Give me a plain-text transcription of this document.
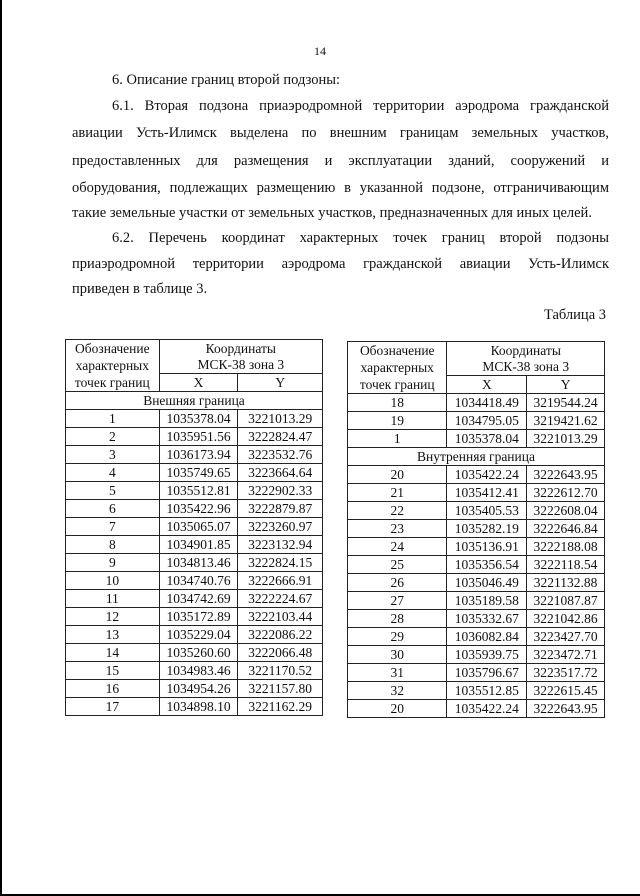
14
6. Описание границ второй подзоны:
6.1. Вторая подзона приаэродромной территории аэродрома гражданской
авиации Усть-Илимск выделена по внешним границам земельных участков,
предоставленных для размещения и эксплуатации зданий, сооружений и
оборудования, подлежащих размещению в указанной подзоне, отграничивающим
такие земельные участки от земельных участков, предназначенных для иных целей.
6.2. Перечень координат характерных точек границ второй подзоны
приаэродромной территории аэродрома гражданской авиации Усть-Илимск
приведен в таблице 3.
Таблица 3
Обозначение
характерных
точек границ	Координаты
МСК-38 зона 3	

	X	Y
Внешняя граница		
1	1035378.04	3221013.29
2	1035951.56	3222824.47
3	1036173.94	3223532.76
4	1035749.65	3223664.64
5	1035512.81	3222902.33
6	1035422.96	3222879.87
7	1035065.07	3223260.97
8	1034901.85	3223132.94
9	1034813.46	3222824.15
10	1034740.76	3222666.91
11	1034742.69	3222224.67
12	1035172.89	3222103.44
13	1035229.04	3222086.22
14	1035260.60	3222066.48
15	1034983.46	3221170.52
16	1034954.26	3221157.80
17	1034898.10	3221162.29
Обозначение
характерных
точек границ	Координаты
МСК-38 зона 3	

	X	Y
18	1034418.49	3219544.24
19	1034795.05	3219421.62
1	1035378.04	3221013.29
Внутренняя граница		
20	1035422.24	3222643.95
21	1035412.41	3222612.70
22	1035405.53	3222608.04
23	1035282.19	3222646.84
24	1035136.91	3222188.08
25	1035356.54	3222118.54
26	1035046.49	3221132.88
27	1035189.58	3221087.87
28	1035332.67	3221042.86
29	1036082.84	3223427.70
30	1035939.75	3223472.71
31	1035796.67	3223517.72
32	1035512.85	3222615.45
20	1035422.24	3222643.95
